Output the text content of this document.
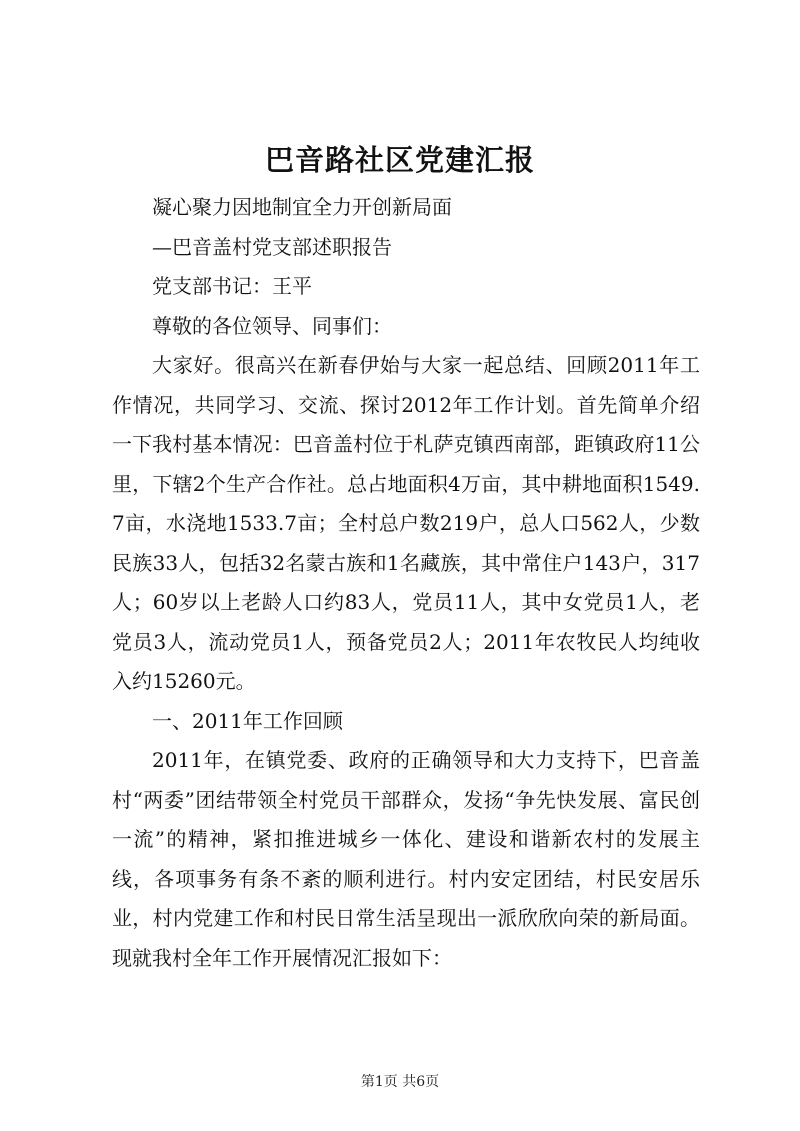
巴音路社区党建汇报

凝心聚力因地制宜全力开创新局面

—巴音盖村党支部述职报告

党支部书记：王平

尊敬的各位领导、同事们：

大家好。很高兴在新春伊始与大家一起总结、回顾2011年工作情况，共同学习、交流、探讨2012年工作计划。首先简单介绍一下我村基本情况：巴音盖村位于札萨克镇西南部，距镇政府11公里，下辖2个生产合作社。总占地面积4万亩，其中耕地面积1549.7亩，水浇地1533.7亩；全村总户数219户，总人口562人，少数民族33人，包括32名蒙古族和1名藏族，其中常住户143户，317人；60岁以上老龄人口约83人，党员11人，其中女党员1人，老党员3人，流动党员1人，预备党员2人；2011年农牧民人均纯收入约15260元。

一、2011年工作回顾

2011年，在镇党委、政府的正确领导和大力支持下，巴音盖村“两委”团结带领全村党员干部群众，发扬“争先快发展、富民创一流”的精神，紧扣推进城乡一体化、建设和谐新农村的发展主线，各项事务有条不紊的顺利进行。村内安定团结，村民安居乐业，村内党建工作和村民日常生活呈现出一派欣欣向荣的新局面。现就我村全年工作开展情况汇报如下：

第1页 共6页
